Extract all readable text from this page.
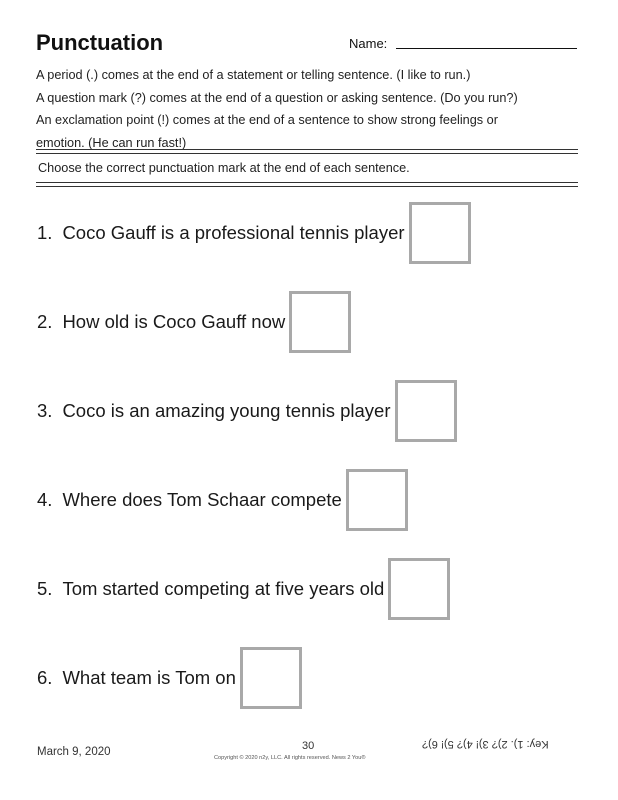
Punctuation	Name:

A period (.) comes at the end of a statement or telling sentence. (I like to run.)

A question mark (?) comes at the end of a question or asking sentence. (Do you run?)

An exclamation point (!) comes at the end of a sentence to show strong feelings or

emotion. (He can run fast!)

Choose the correct punctuation mark at the end of each sentence.
1. Coco Gauff is a professional tennis player
2. How old is Coco Gauff now
3. Coco is an amazing young tennis player
4. Where does Tom Schaar compete
5. Tom started competing at five years old
6. What team is Tom on
March 9, 2020	30
Copyright © 2020 n2y, LLC. All rights reserved. News 2 You®
Key: 1). 2)? 3)! 4)? 5)! 6)?
